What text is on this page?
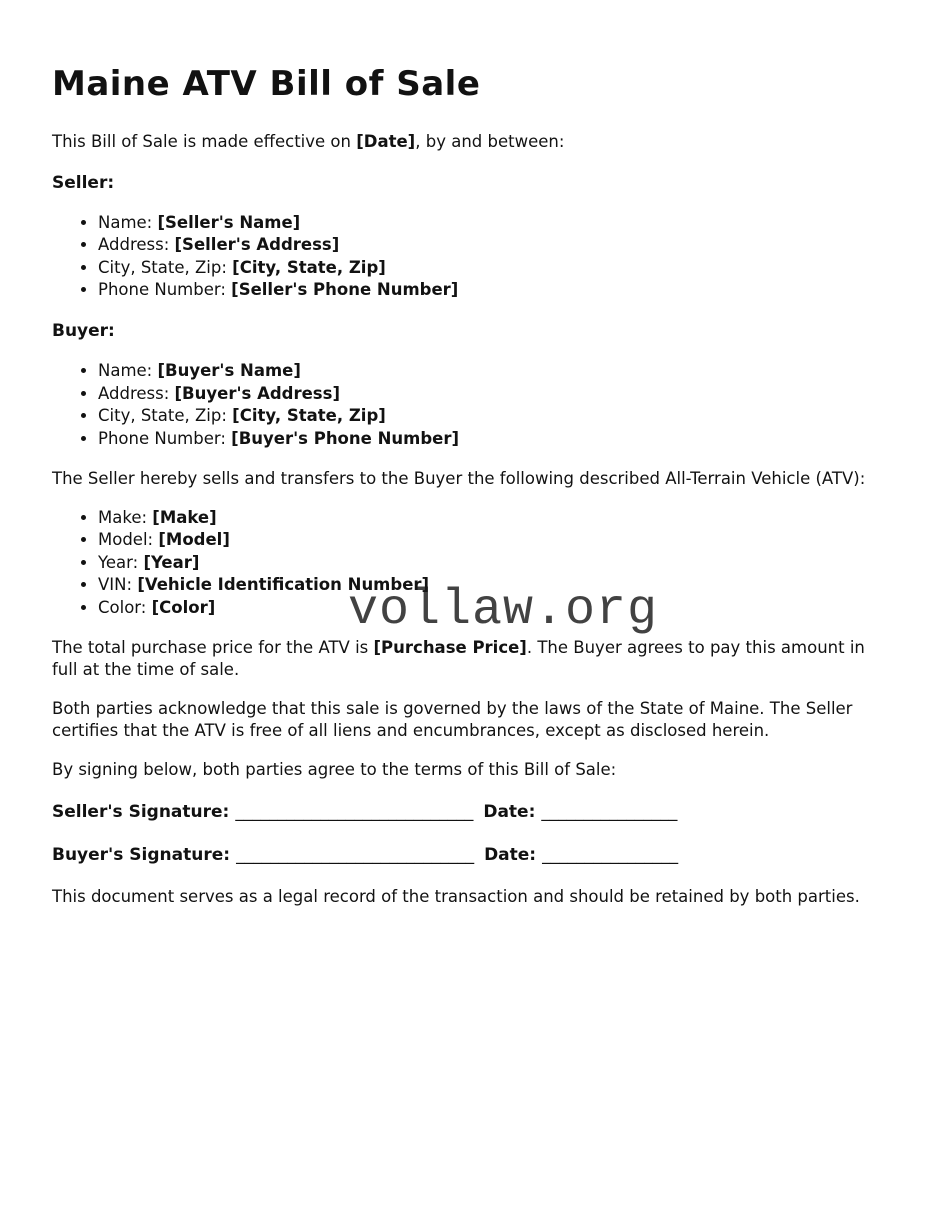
Maine ATV Bill of Sale

This Bill of Sale is made effective on [Date], by and between:

Seller:
• Name: [Seller's Name]
• Address: [Seller's Address]
• City, State, Zip: [City, State, Zip]
• Phone Number: [Seller's Phone Number]
Buyer:
• Name: [Buyer's Name]
• Address: [Buyer's Address]
• City, State, Zip: [City, State, Zip]
• Phone Number: [Buyer's Phone Number]

The Seller hereby sells and transfers to the Buyer the following described All-Terrain Vehicle (ATV):

• Make: [Make]
• Model: [Model]
• Year: [Year]
• VIN: [Vehicle Identification Number]
• Color: [Color]

The total purchase price for the ATV is [Purchase Price]. The Buyer agrees to pay this amount in full at the time of sale.

Both parties acknowledge that this sale is governed by the laws of the State of Maine. The Seller certifies that the ATV is free of all liens and encumbrances, except as disclosed herein.

By signing below, both parties agree to the terms of this Bill of Sale:

Seller's Signature: ____________________________ Date: ________________

Buyer's Signature: ____________________________ Date: ________________

This document serves as a legal record of the transaction and should be retained by both parties.

vollaw.org
